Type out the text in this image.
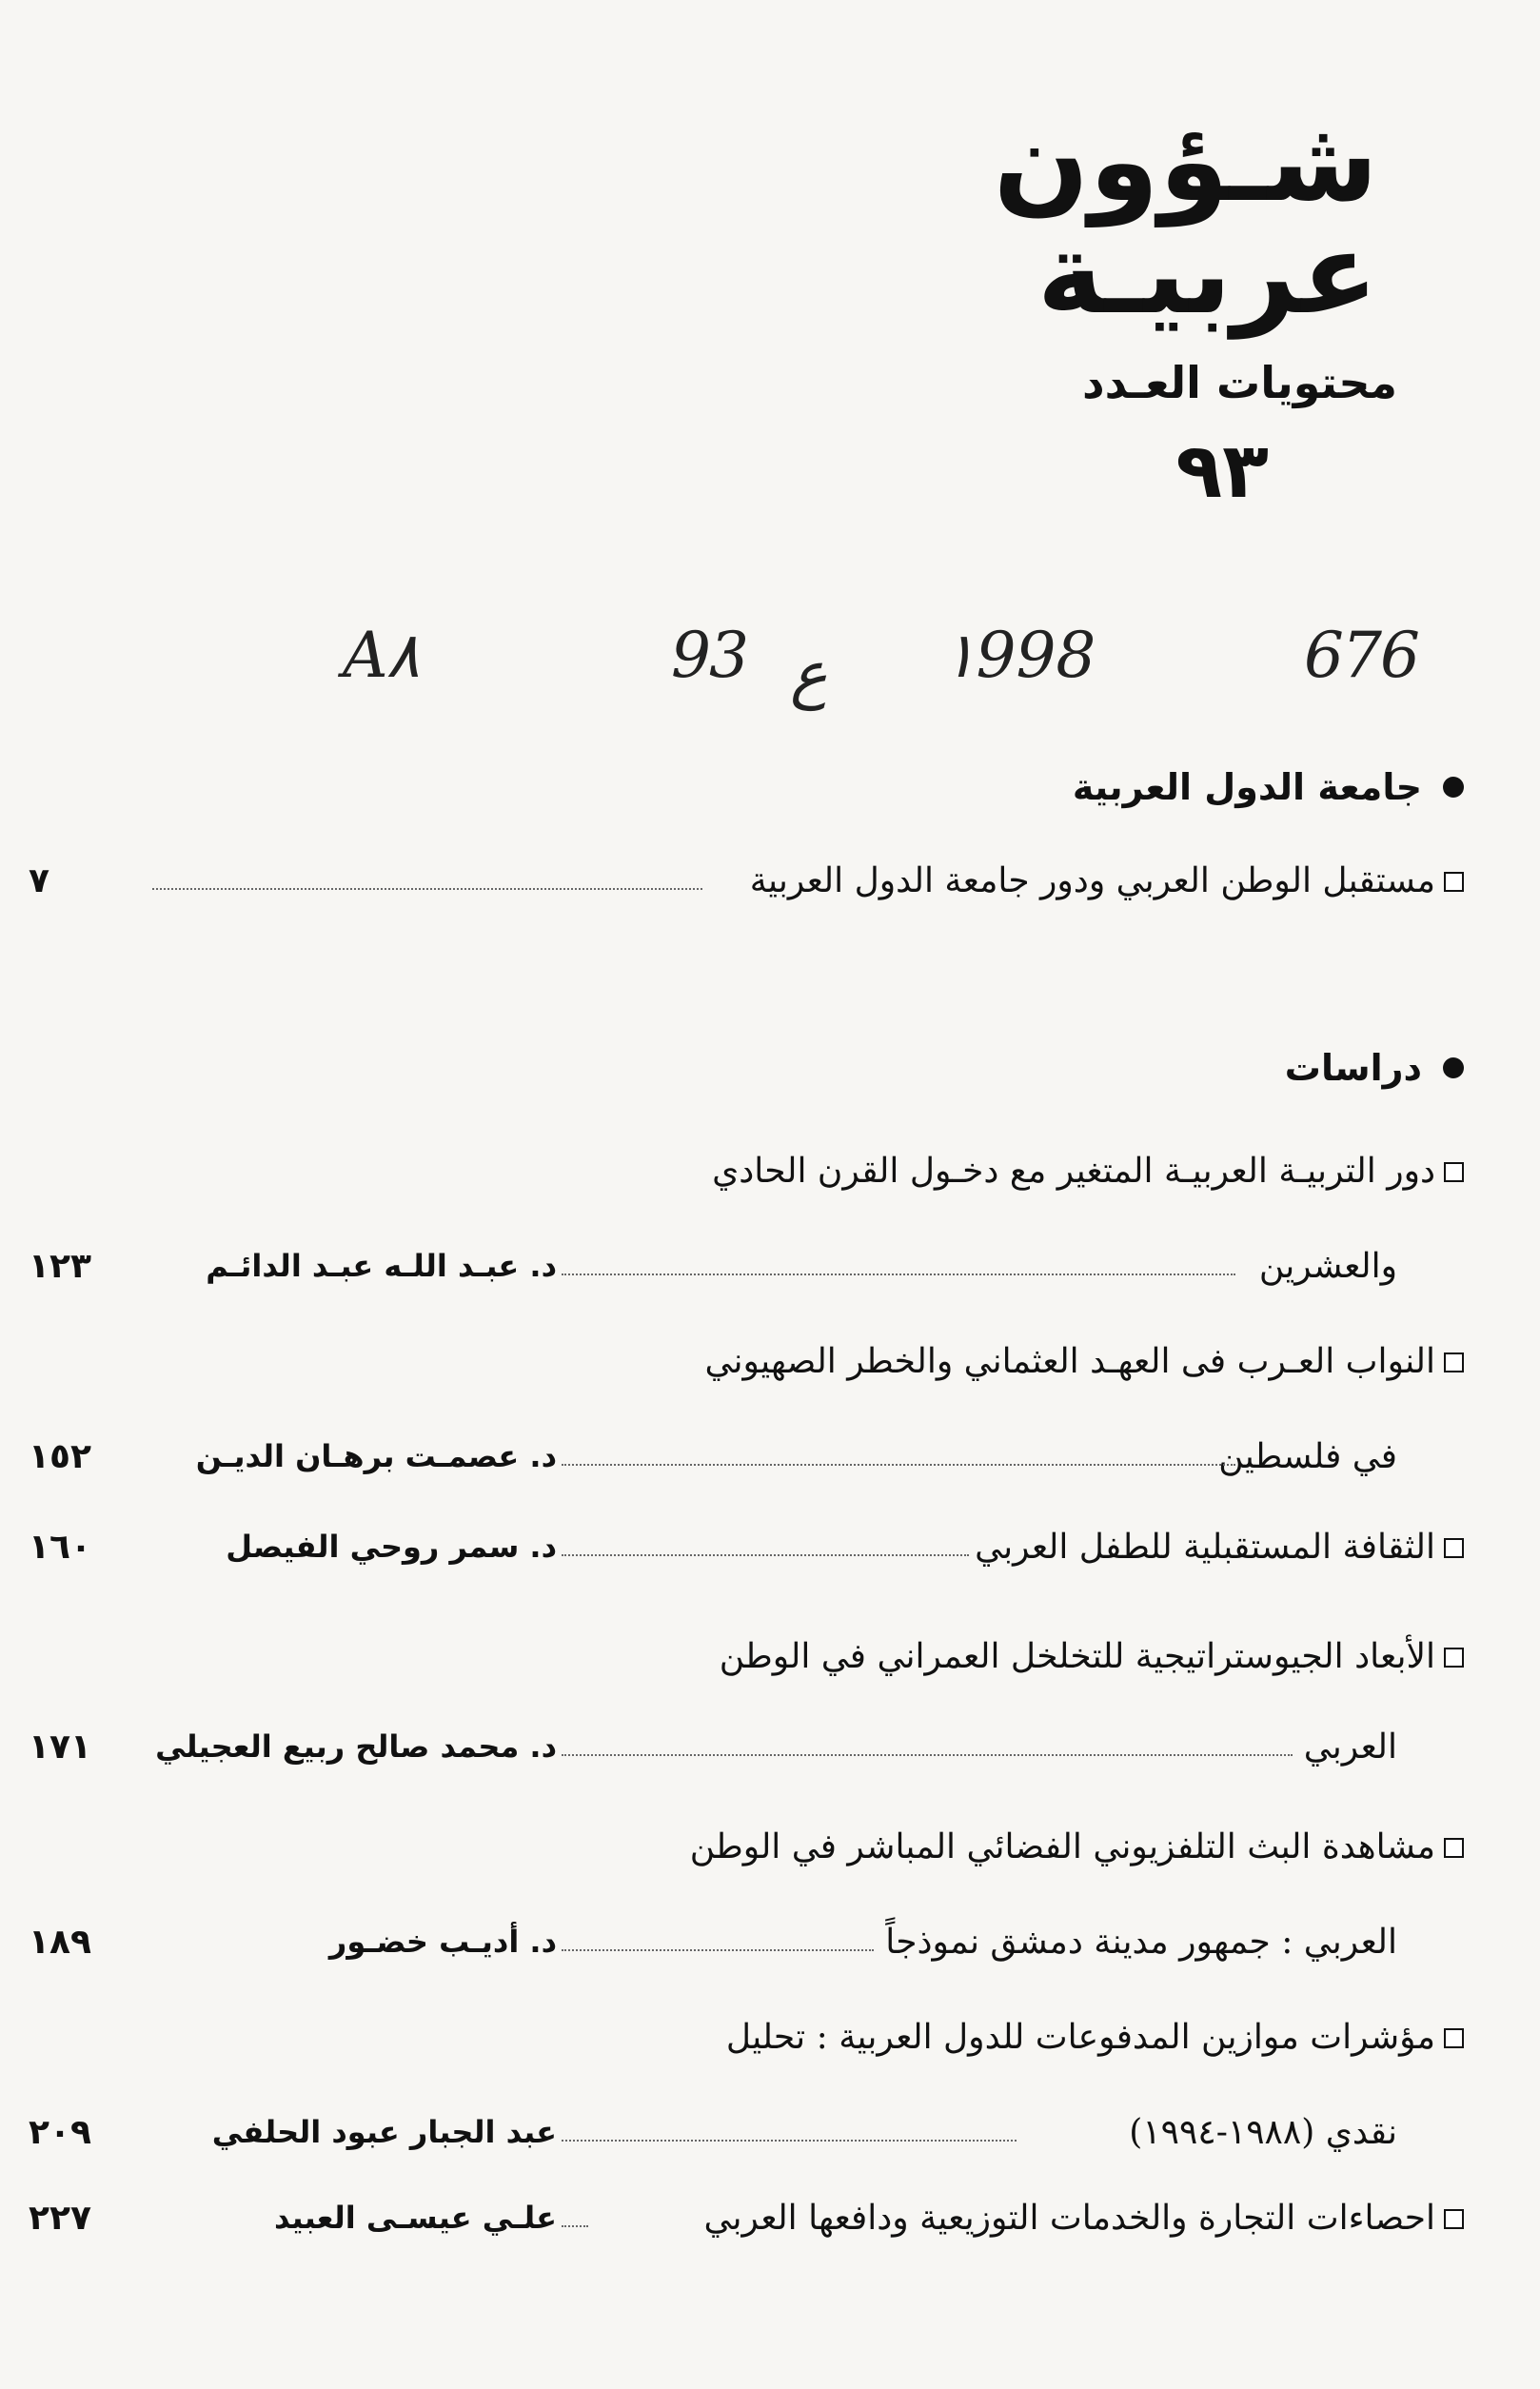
شـؤون
عربيـة
محتويات العـدد
٩٣
A٨	93 ع ١998	676
جامعة الدول العربية
مستقبل الوطن العربي ودور جامعة الدول العربية
٧
دراسات
دور التربيـة العربيـة المتغير مع دخـول القرن الحادي
والعشرين
د. عبـد اللـه عبـد الدائـم
١٢٣
النواب العـرب فى العهـد العثماني والخطر الصهيوني
في فلسطين
د. عصمـت برهـان الديـن
١٥٢
الثقافة المستقبلية للطفل العربي
د. سمر روحي الفيصل
١٦٠
الأبعاد الجيوستراتيجية للتخلخل العمراني في الوطن
العربي
د. محمد صالح ربيع العجيلي
١٧١
مشاهدة البث التلفزيوني الفضائي المباشر في الوطن
العربي : جمهور مدينة دمشق نموذجاً
د. أديـب خضـور
١٨٩
مؤشرات موازين المدفوعات للدول العربية : تحليل
نقدي (١٩٨٨-١٩٩٤)
عبد الجبار عبود الحلفي
٢٠٩
احصاءات التجارة والخدمات التوزيعية ودافعها العربي
علـي عيسـى العبيد
٢٢٧
